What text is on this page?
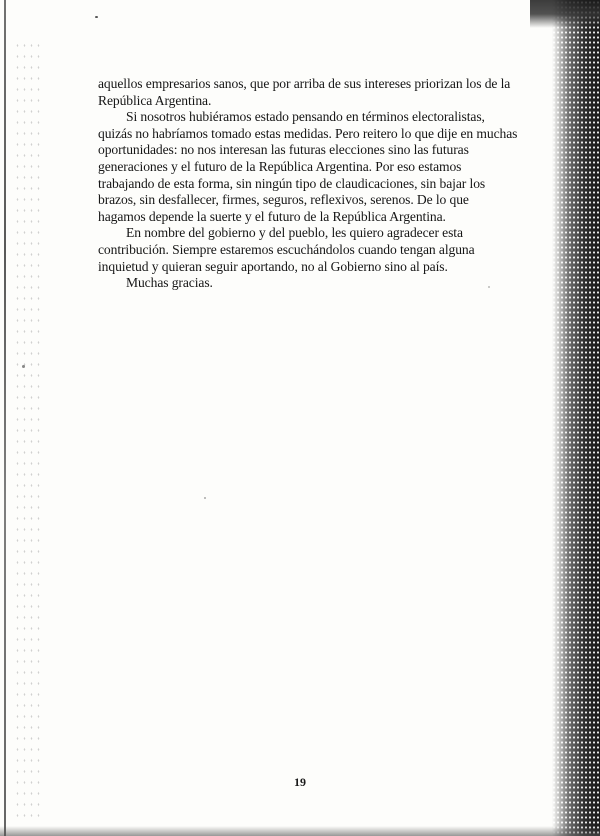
aquellos empresarios sanos, que por arriba de sus intereses priorizan los de la República Argentina.

Si nosotros hubiéramos estado pensando en términos electoralistas, quizás no habríamos tomado estas medidas. Pero reitero lo que dije en muchas oportunidades: no nos interesan las futuras elecciones sino las futuras generaciones y el futuro de la República Argentina. Por eso estamos trabajando de esta forma, sin ningún tipo de claudicaciones, sin bajar los brazos, sin desfallecer, firmes, seguros, reflexivos, serenos. De lo que hagamos depende la suerte y el futuro de la República Argentina.

En nombre del gobierno y del pueblo, les quiero agradecer esta contribución. Siempre estaremos escuchándolos cuando tengan alguna inquietud y quieran seguir aportando, no al Gobierno sino al país.

Muchas gracias.

19
